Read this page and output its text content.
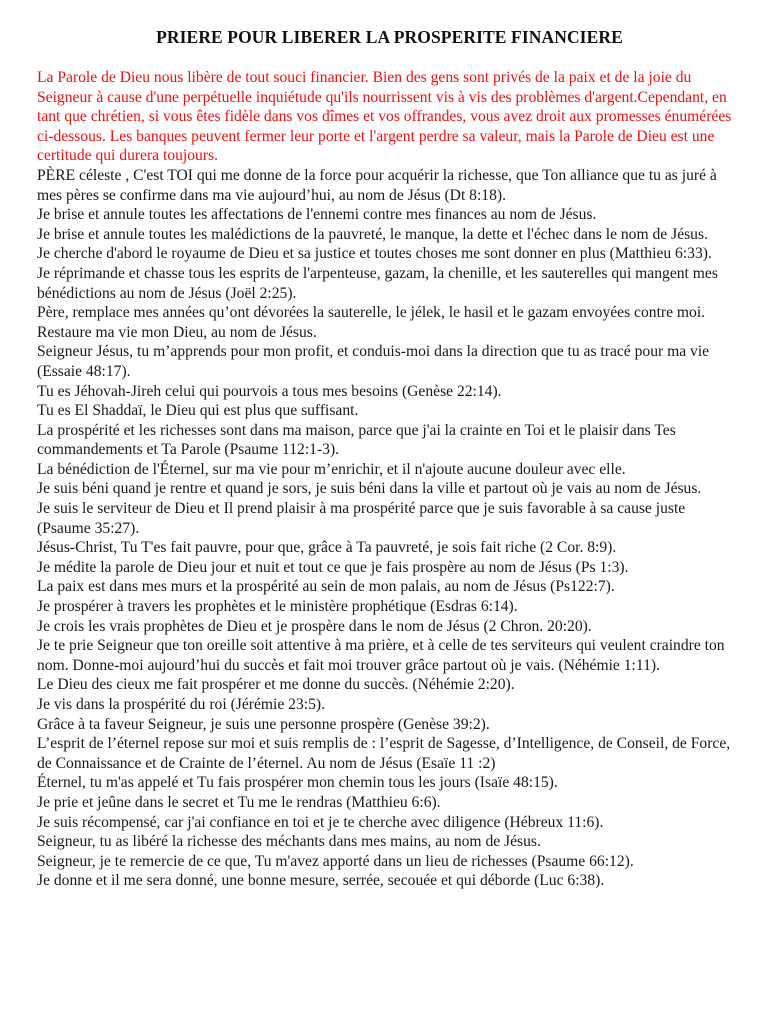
PRIERE POUR LIBERER LA PROSPERITE FINANCIERE

La Parole de Dieu nous libère de tout souci financier. Bien des gens sont privés de la paix et de la joie du Seigneur à cause d'une perpétuelle inquiétude qu'ils nourrissent vis à vis des problèmes d'argent.Cependant, en tant que chrétien, si vous êtes fidèle dans vos dîmes et vos offrandes, vous avez droit aux promesses énumérées ci-dessous. Les banques peuvent fermer leur porte et l'argent perdre sa valeur, mais la Parole de Dieu est une certitude qui durera toujours.

PÈRE céleste , C'est TOI qui me donne de la force pour acquérir la richesse, que Ton alliance que tu as juré à mes pères se confirme dans ma vie aujourd’hui, au nom de Jésus (Dt 8:18).

Je brise et annule toutes les affectations de l'ennemi contre mes finances au nom de Jésus.

Je brise et annule toutes les malédictions de la pauvreté, le manque, la dette et l'échec dans le nom de Jésus.

Je cherche d'abord le royaume de Dieu et sa justice et toutes choses me sont donner en plus (Matthieu 6:33).

Je réprimande et chasse tous les esprits de l'arpenteuse, gazam, la chenille, et les sauterelles qui mangent mes bénédictions au nom de Jésus (Joël 2:25).

Père, remplace mes années qu’ont dévorées la sauterelle, le jélek, le hasil et le gazam envoyées contre moi. Restaure ma vie mon Dieu, au nom de Jésus.

Seigneur Jésus, tu m’apprends pour mon profit, et conduis-moi dans la direction que tu as tracé pour ma vie (Essaie 48:17).

Tu es Jéhovah-Jireh celui qui pourvois a tous mes besoins (Genèse 22:14).

Tu es El Shaddaï, le Dieu qui est plus que suffisant.

La prospérité et les richesses sont dans ma maison, parce que j'ai la crainte en Toi et le plaisir dans Tes commandements et Ta Parole (Psaume 112:1-3).

La bénédiction de l'Éternel, sur ma vie pour m’enrichir, et il n'ajoute aucune douleur avec elle.

Je suis béni quand je rentre et quand je sors, je suis béni dans la ville et partout où je vais au nom de Jésus.

Je suis le serviteur de Dieu et Il prend plaisir à ma prospérité parce que je suis favorable à sa cause juste (Psaume 35:27).

Jésus-Christ, Tu T'es fait pauvre, pour que, grâce à Ta pauvreté, je sois fait riche (2 Cor. 8:9).

Je médite la parole de Dieu jour et nuit et tout ce que je fais prospère au nom de Jésus (Ps 1:3).

La paix est dans mes murs et la prospérité au sein de mon palais, au nom de Jésus (Ps122:7).

Je prospérer à travers les prophètes et le ministère prophétique (Esdras 6:14).

Je crois les vrais prophètes de Dieu et je prospère dans le nom de Jésus (2 Chron. 20:20).

Je te prie Seigneur que ton oreille soit attentive à ma prière, et à celle de tes serviteurs qui veulent craindre ton nom. Donne-moi aujourd’hui du succès et fait moi trouver grâce partout où je vais. (Néhémie 1:11).

Le Dieu des cieux me fait prospérer et me donne du succès. (Néhémie 2:20).

Je vis dans la prospérité du roi (Jérémie 23:5).

Grâce à ta faveur Seigneur, je suis une personne prospère (Genèse 39:2).

L’esprit de l’éternel repose sur moi et suis remplis de : l’esprit de Sagesse, d’Intelligence, de Conseil, de Force, de Connaissance et de Crainte de l’éternel. Au nom de Jésus (Esaïe 11 :2)

Éternel, tu m'as appelé et Tu fais prospérer mon chemin tous les jours (Isaïe 48:15).

Je prie et jeûne dans le secret et Tu me le rendras (Matthieu 6:6).

Je suis récompensé, car j'ai confiance en toi et je te cherche avec diligence (Hébreux 11:6).

Seigneur, tu as libéré la richesse des méchants dans mes mains, au nom de Jésus.

Seigneur, je te remercie de ce que, Tu m'avez apporté dans un lieu de richesses (Psaume 66:12).

Je donne et il me sera donné, une bonne mesure, serrée, secouée et qui déborde (Luc 6:38).
